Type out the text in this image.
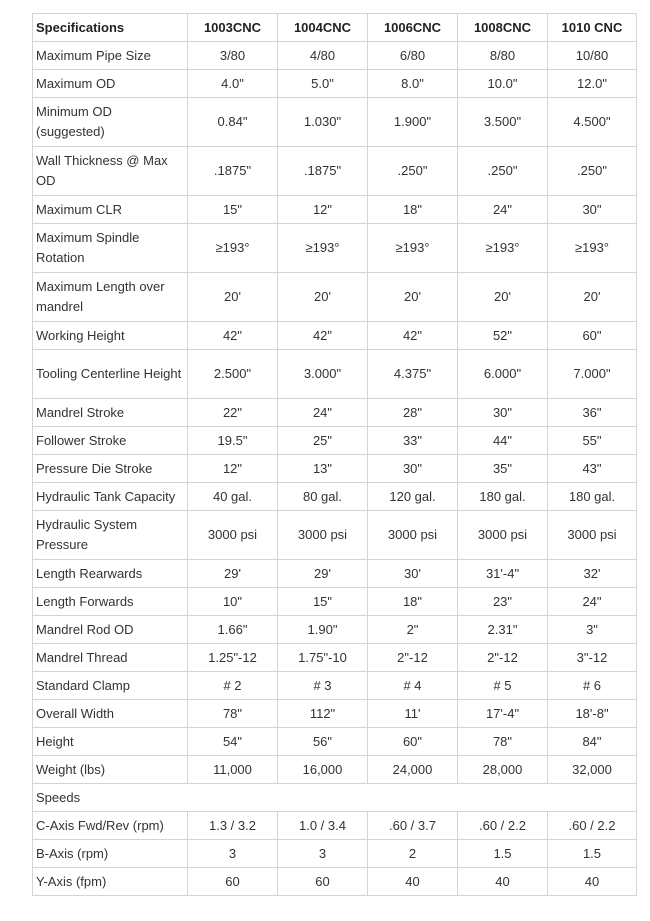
Specifications	1003CNC	1004CNC	1006CNC	1008CNC	1010 CNC
Maximum Pipe Size	3/80	4/80	6/80	8/80	10/80
Maximum OD	4.0"	5.0"	8.0"	10.0"	12.0"
Minimum OD (suggested)	0.84"	1.030"	1.900"	3.500"	4.500"
Wall Thickness @ Max OD	.1875"	.1875"	.250"	.250"	.250"
Maximum CLR	15"	12"	18"	24"	30"
Maximum Spindle Rotation	≥193°	≥193°	≥193°	≥193°	≥193°
Maximum Length over mandrel	20'	20'	20'	20'	20'
Working Height	42"	42"	42"	52"	60"
Tooling Centerline Height	2.500"	3.000"	4.375"	6.000"	7.000"
Mandrel Stroke	22"	24"	28"	30"	36"
Follower Stroke	19.5"	25"	33"	44"	55"
Pressure Die Stroke	12"	13"	30"	35"	43"
Hydraulic Tank Capacity	40 gal.	80 gal.	120 gal.	180 gal.	180 gal.
Hydraulic System Pressure	3000 psi	3000 psi	3000 psi	3000 psi	3000 psi
Length Rearwards	29'	29'	30'	31'-4"	32'
Length Forwards	10"	15"	18"	23"	24"
Mandrel Rod OD	1.66"	1.90"	2"	2.31"	3"
Mandrel Thread	1.25"-12	1.75"-10	2"-12	2"-12	3"-12
Standard Clamp	# 2	# 3	# 4	# 5	# 6
Overall Width	78"	112"	11'	17'-4"	18'-8"
Height	54"	56"	60"	78"	84"
Weight (lbs)	11,000	16,000	24,000	28,000	32,000
Speeds					
C-Axis Fwd/Rev (rpm)	1.3 / 3.2	1.0 / 3.4	.60 / 3.7	.60 / 2.2	.60 / 2.2
B-Axis (rpm)	3	3	2	1.5	1.5
Y-Axis (fpm)	60	60	40	40	40
